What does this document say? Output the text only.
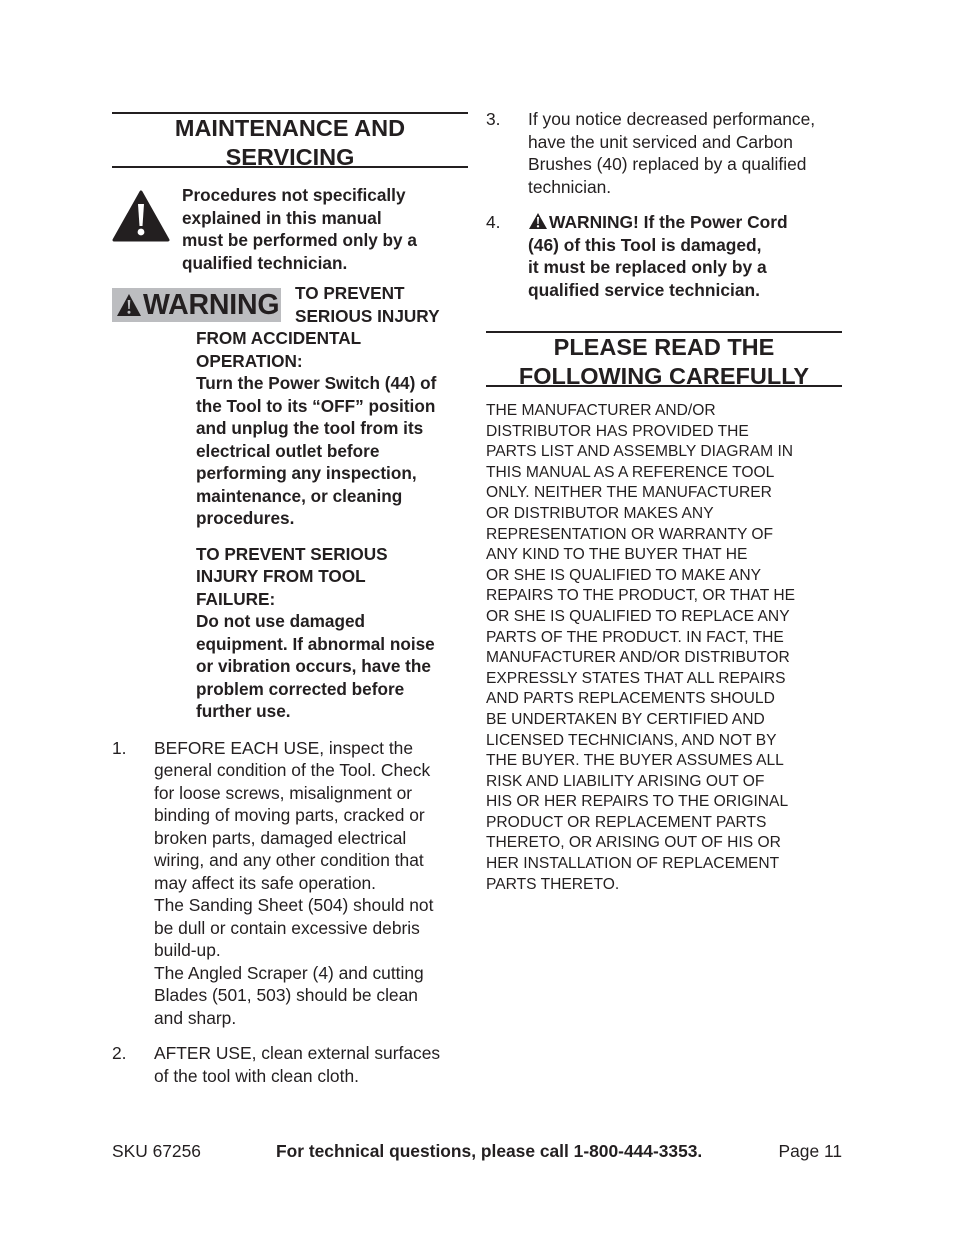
MAINTENANCE AND
SERVICING
Procedures not specifically
explained in this manual
must be performed only by a
qualified technician.
WARNING TO PREVENT
SERIOUS INJURY
FROM ACCIDENTAL
OPERATION:
Turn the Power Switch (44) of
the Tool to its “OFF” position
and unplug the tool from its
electrical outlet before
performing any inspection,
maintenance, or cleaning
procedures.
TO PREVENT SERIOUS
INJURY FROM TOOL
FAILURE:
Do not use damaged
equipment. If abnormal noise
or vibration occurs, have the
problem corrected before
further use.
1. BEFORE EACH USE, inspect the
general condition of the Tool. Check
for loose screws, misalignment or
binding of moving parts, cracked or
broken parts, damaged electrical
wiring, and any other condition that
may affect its safe operation.
The Sanding Sheet (504) should not
be dull or contain excessive debris
build-up.
The Angled Scraper (4) and cutting
Blades (501, 503) should be clean
and sharp.
2. AFTER USE, clean external surfaces
of the tool with clean cloth.
3. If you notice decreased performance,
have the unit serviced and Carbon
Brushes (40) replaced by a qualified
technician.
4.	WARNING! If the Power Cord
(46) of this Tool is damaged,
it must be replaced only by a
qualified service technician.
PLEASE READ THE
FOLLOWING CAREFULLY
THE MANUFACTURER AND/OR
DISTRIBUTOR HAS PROVIDED THE
PARTS LIST AND ASSEMBLY DIAGRAM IN
THIS MANUAL AS A REFERENCE TOOL
ONLY. NEITHER THE MANUFACTURER
OR DISTRIBUTOR MAKES ANY
REPRESENTATION OR WARRANTY OF
ANY KIND TO THE BUYER THAT HE
OR SHE IS QUALIFIED TO MAKE ANY
REPAIRS TO THE PRODUCT, OR THAT HE
OR SHE IS QUALIFIED TO REPLACE ANY
PARTS OF THE PRODUCT. IN FACT, THE
MANUFACTURER AND/OR DISTRIBUTOR
EXPRESSLY STATES THAT ALL REPAIRS
AND PARTS REPLACEMENTS SHOULD
BE UNDERTAKEN BY CERTIFIED AND
LICENSED TECHNICIANS, AND NOT BY
THE BUYER. THE BUYER ASSUMES ALL
RISK AND LIABILITY ARISING OUT OF
HIS OR HER REPAIRS TO THE ORIGINAL
PRODUCT OR REPLACEMENT PARTS
THERETO, OR ARISING OUT OF HIS OR
HER INSTALLATION OF REPLACEMENT
PARTS THERETO.
SKU 67256	For technical questions, please call 1-800-444-3353.	Page 11
